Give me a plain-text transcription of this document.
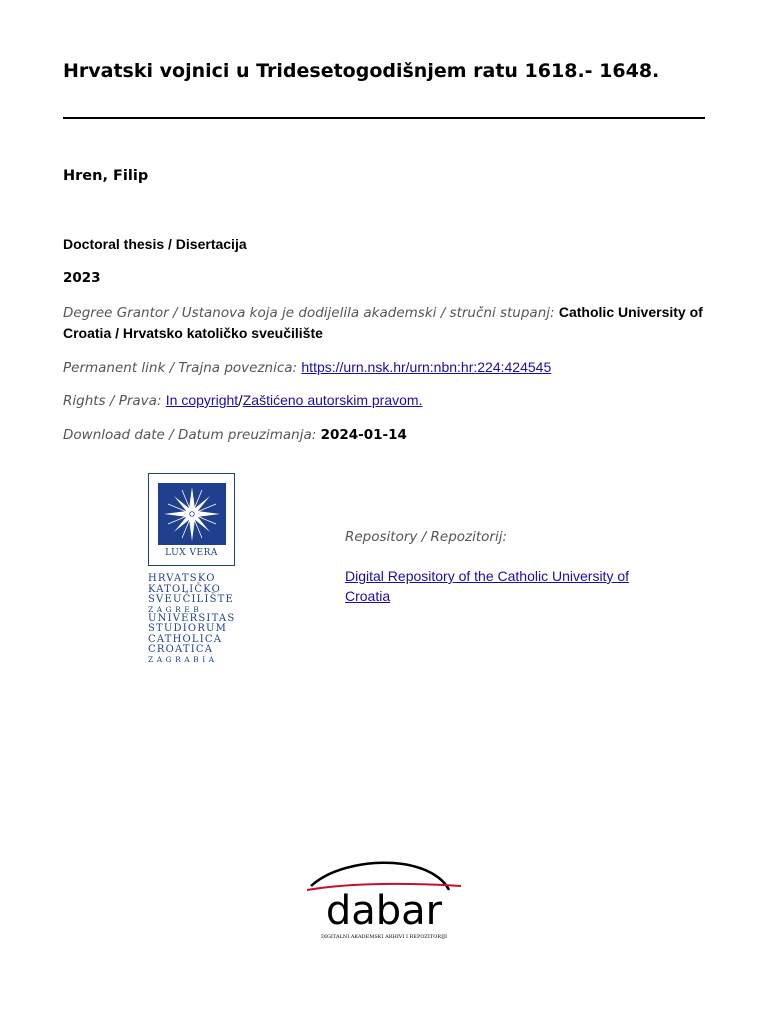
Hrvatski vojnici u Tridesetogodišnjem ratu 1618.- 1648.
Hren, Filip
Doctoral thesis / Disertacija
2023
Degree Grantor / Ustanova koja je dodijelila akademski / stručni stupanj: Catholic University of Croatia / Hrvatsko katoličko sveučilište
Permanent link / Trajna poveznica: https://urn.nsk.hr/urn:nbn:hr:224:424545
Rights / Prava: In copyright/Zaštićeno autorskim pravom.
Download date / Datum preuzimanja: 2024-01-14
LUX VERA
HRVATSKO
KATOLIČKO
SVEUČILIŠTE
ZAGREB
UNIVERSITAS
STUDIORUM
CATHOLICA
CROATICA
ZAGRABIA
Repository / Repozitorij:
Digital Repository of the Catholic University of Croatia
dabar
DIGITALNI AKADEMSKI ARHIVI I REPOZITORIJI
